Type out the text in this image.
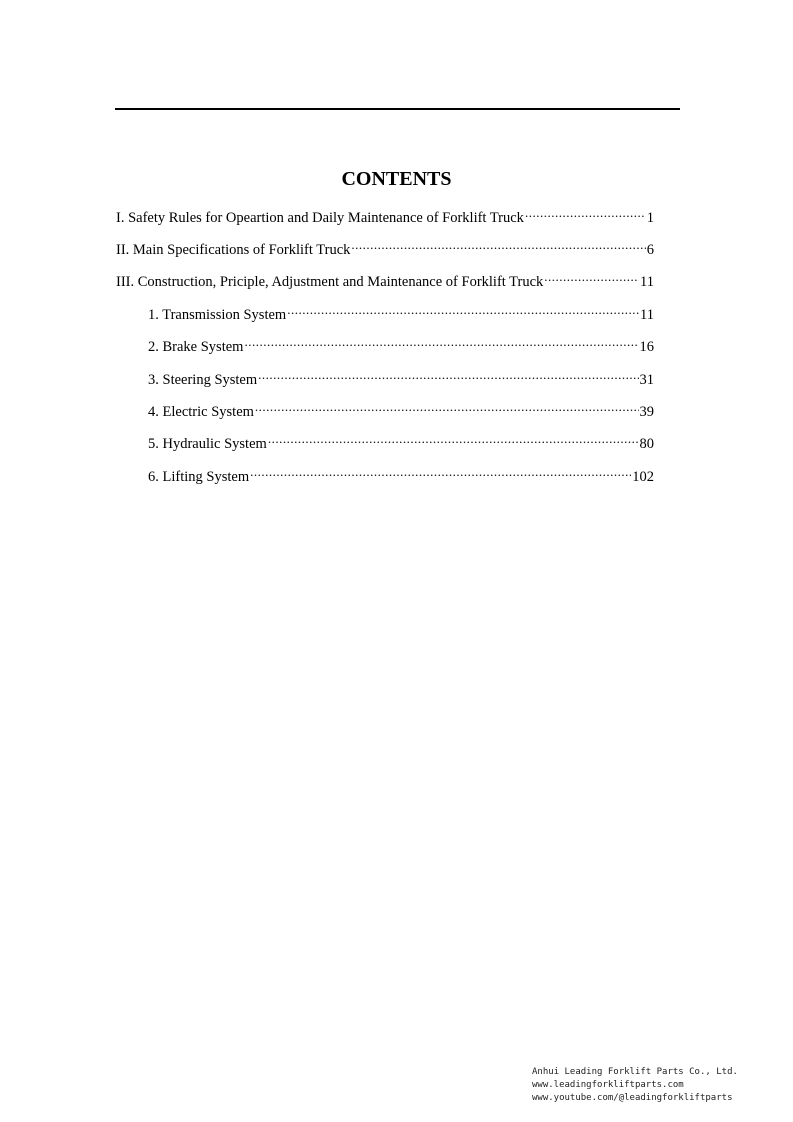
CONTENTS
I. Safety Rules for Opeartion and Daily Maintenance of Forklift Truck .....	1
II. Main Specifications of Forklift Truck .....	6
III. Construction, Priciple, Adjustment and Maintenance of Forklift Truck .....	11
1. Transmission System .....	11
2. Brake System .....	16
3. Steering System .....	31
4. Electric System .....	39
5. Hydraulic System .....	80
6. Lifting System .....	102
Anhui Leading Forklift Parts Co., Ltd.
www.leadingforkliftparts.com
www.youtube.com/@leadingforkliftparts
